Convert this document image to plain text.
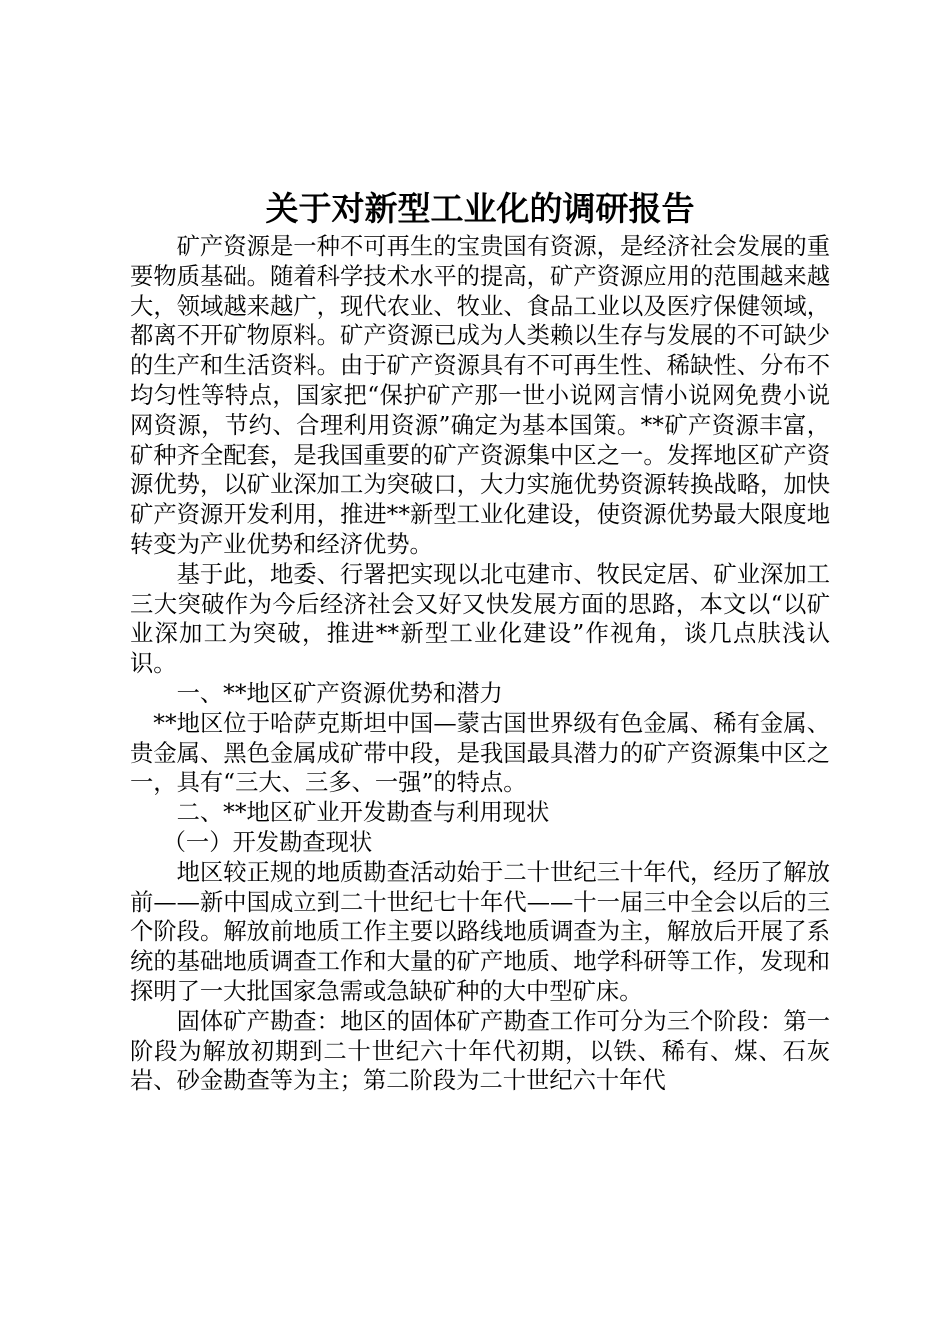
关于对新型工业化的调研报告

矿产资源是一种不可再生的宝贵国有资源，是经济社会发展的重要物质基础。随着科学技术水平的提高，矿产资源应用的范围越来越大，领域越来越广，现代农业、牧业、食品工业以及医疗保健领域，都离不开矿物原料。矿产资源已成为人类赖以生存与发展的不可缺少的生产和生活资料。由于矿产资源具有不可再生性、稀缺性、分布不均匀性等特点，国家把“保护矿产那一世小说网言情小说网免费小说网资源，节约、合理利用资源”确定为基本国策。**矿产资源丰富，矿种齐全配套，是我国重要的矿产资源集中区之一。发挥地区矿产资源优势，以矿业深加工为突破口，大力实施优势资源转换战略，加快矿产资源开发利用，推进**新型工业化建设，使资源优势最大限度地转变为产业优势和经济优势。

基于此，地委、行署把实现以北屯建市、牧民定居、矿业深加工三大突破作为今后经济社会又好又快发展方面的思路，本文以“以矿业深加工为突破，推进**新型工业化建设”作视角，谈几点肤浅认识。

一、**地区矿产资源优势和潜力

**地区位于哈萨克斯坦中国—蒙古国世界级有色金属、稀有金属、贵金属、黑色金属成矿带中段，是我国最具潜力的矿产资源集中区之一，具有“三大、三多、一强”的特点。

二、**地区矿业开发勘查与利用现状

（一）开发勘查现状

地区较正规的地质勘查活动始于二十世纪三十年代，经历了解放前——新中国成立到二十世纪七十年代——十一届三中全会以后的三个阶段。解放前地质工作主要以路线地质调查为主，解放后开展了系统的基础地质调查工作和大量的矿产地质、地学科研等工作，发现和探明了一大批国家急需或急缺矿种的大中型矿床。

固体矿产勘查：地区的固体矿产勘查工作可分为三个阶段：第一阶段为解放初期到二十世纪六十年代初期，以铁、稀有、煤、石灰岩、砂金勘查等为主；第二阶段为二十世纪六十年代
